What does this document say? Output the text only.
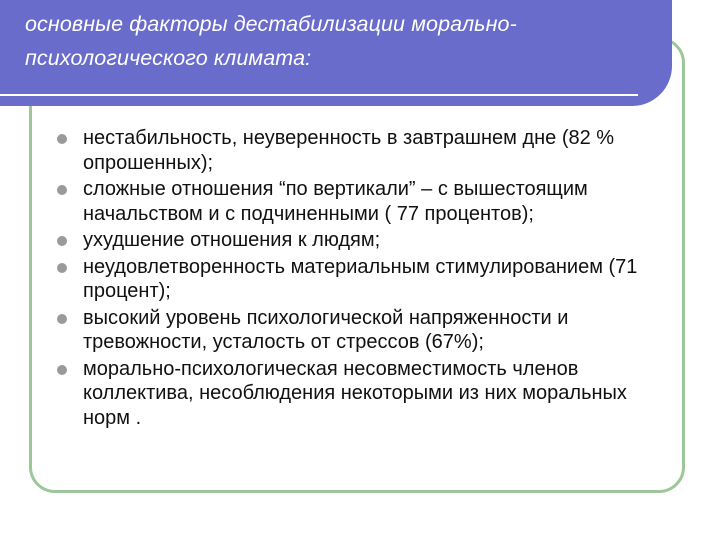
основные факторы дестабилизации морально-психологического климата:
нестабильность, неуверенность в завтрашнем дне (82 % опрошенных);
сложные отношения “по вертикали” – с вышестоящим начальством и с подчиненными ( 77 процентов);
ухудшение отношения к людям;
неудовлетворенность материальным стимулированием (71 процент);
высокий уровень психологической напряженности и тревожности, усталость от стрессов (67%);
морально-психологическая несовместимость членов коллектива, несоблюдения некоторыми из них моральных норм .
